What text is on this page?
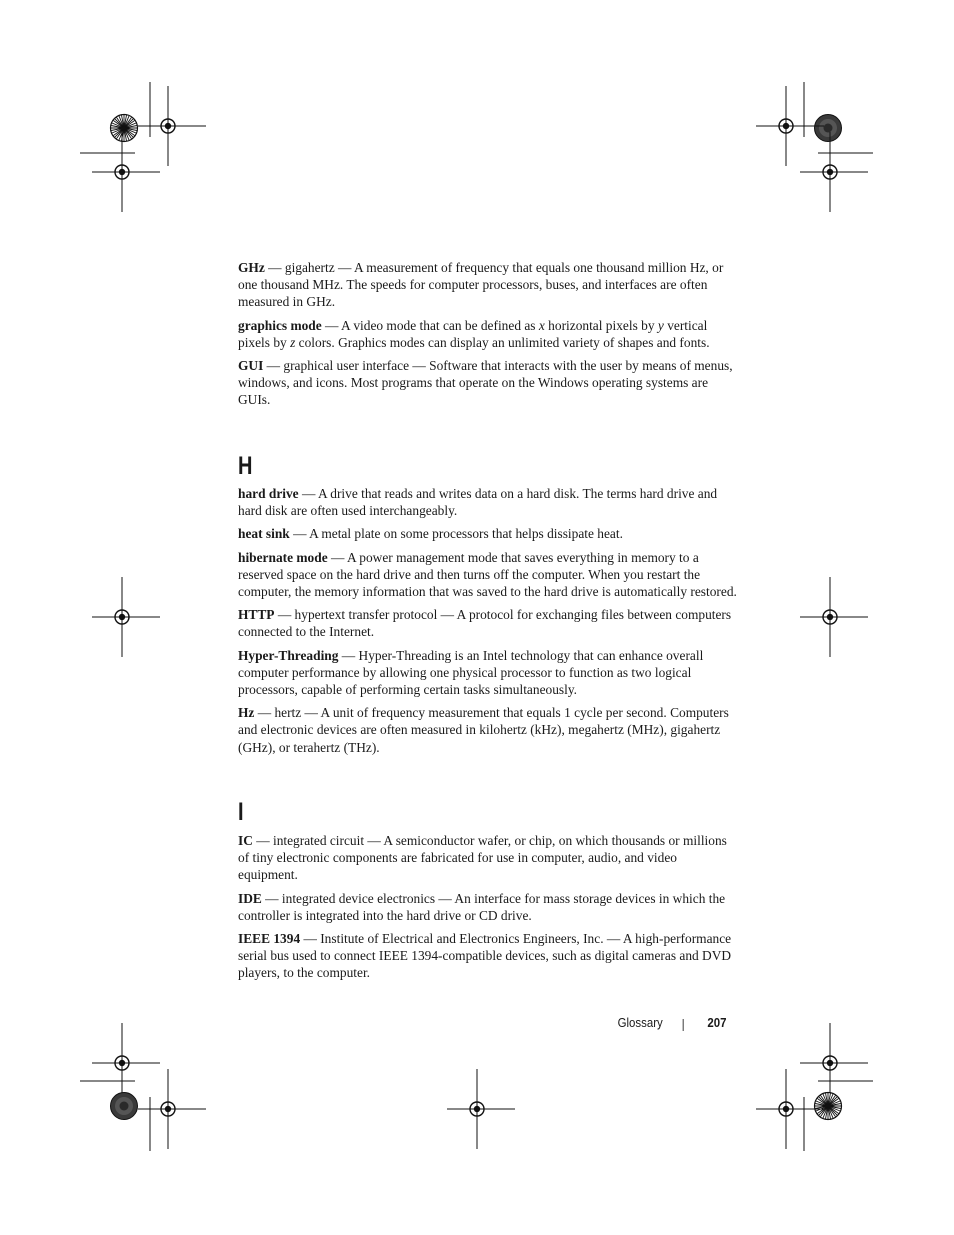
GHz — gigahertz — A measurement of frequency that equals one thousand million Hz, or one thousand MHz. The speeds for computer processors, buses, and interfaces are often measured in GHz.

graphics mode — A video mode that can be defined as x horizontal pixels by y vertical pixels by z colors. Graphics modes can display an unlimited variety of shapes and fonts.

GUI — graphical user interface — Software that interacts with the user by means of menus, windows, and icons. Most programs that operate on the Windows operating systems are GUIs.

H

hard drive — A drive that reads and writes data on a hard disk. The terms hard drive and hard disk are often used interchangeably.

heat sink — A metal plate on some processors that helps dissipate heat.

hibernate mode — A power management mode that saves everything in memory to a reserved space on the hard drive and then turns off the computer. When you restart the computer, the memory information that was saved to the hard drive is automatically restored.

HTTP — hypertext transfer protocol — A protocol for exchanging files between computers connected to the Internet.

Hyper-Threading — Hyper-Threading is an Intel technology that can enhance overall computer performance by allowing one physical processor to function as two logical processors, capable of performing certain tasks simultaneously.

Hz — hertz — A unit of frequency measurement that equals 1 cycle per second. Computers and electronic devices are often measured in kilohertz (kHz), megahertz (MHz), gigahertz (GHz), or terahertz (THz).

I

IC — integrated circuit — A semiconductor wafer, or chip, on which thousands or millions of tiny electronic components are fabricated for use in computer, audio, and video equipment.

IDE — integrated device electronics — An interface for mass storage devices in which the controller is integrated into the hard drive or CD drive.

IEEE 1394 — Institute of Electrical and Electronics Engineers, Inc. — A high-performance serial bus used to connect IEEE 1394-compatible devices, such as digital cameras and DVD players, to the computer.

Glossary	207
